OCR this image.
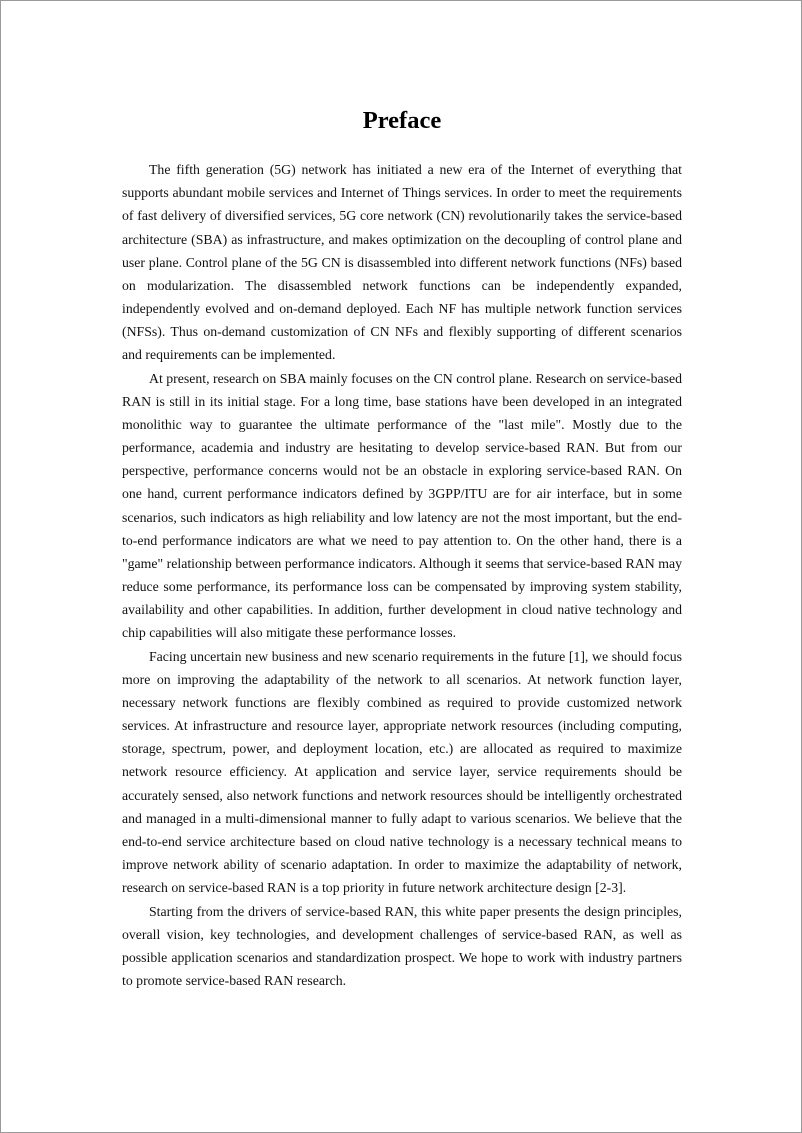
Preface

The fifth generation (5G) network has initiated a new era of the Internet of everything that supports abundant mobile services and Internet of Things services. In order to meet the requirements of fast delivery of diversified services, 5G core network (CN) revolutionarily takes the service-based architecture (SBA) as infrastructure, and makes optimization on the decoupling of control plane and user plane. Control plane of the 5G CN is disassembled into different network functions (NFs) based on modularization. The disassembled network functions can be independently expanded, independently evolved and on-demand deployed. Each NF has multiple network function services (NFSs). Thus on-demand customization of CN NFs and flexibly supporting of different scenarios and requirements can be implemented.

At present, research on SBA mainly focuses on the CN control plane. Research on service-based RAN is still in its initial stage. For a long time, base stations have been developed in an integrated monolithic way to guarantee the ultimate performance of the "last mile". Mostly due to the performance, academia and industry are hesitating to develop service-based RAN. But from our perspective, performance concerns would not be an obstacle in exploring service-based RAN. On one hand, current performance indicators defined by 3GPP/ITU are for air interface, but in some scenarios, such indicators as high reliability and low latency are not the most important, but the end-to-end performance indicators are what we need to pay attention to. On the other hand, there is a "game" relationship between performance indicators. Although it seems that service-based RAN may reduce some performance, its performance loss can be compensated by improving system stability, availability and other capabilities. In addition, further development in cloud native technology and chip capabilities will also mitigate these performance losses.

Facing uncertain new business and new scenario requirements in the future [1], we should focus more on improving the adaptability of the network to all scenarios. At network function layer, necessary network functions are flexibly combined as required to provide customized network services. At infrastructure and resource layer, appropriate network resources (including computing, storage, spectrum, power, and deployment location, etc.) are allocated as required to maximize network resource efficiency. At application and service layer, service requirements should be accurately sensed, also network functions and network resources should be intelligently orchestrated and managed in a multi-dimensional manner to fully adapt to various scenarios. We believe that the end-to-end service architecture based on cloud native technology is a necessary technical means to improve network ability of scenario adaptation. In order to maximize the adaptability of network, research on service-based RAN is a top priority in future network architecture design [2-3].

Starting from the drivers of service-based RAN, this white paper presents the design principles, overall vision, key technologies, and development challenges of service-based RAN, as well as possible application scenarios and standardization prospect. We hope to work with industry partners to promote service-based RAN research.
